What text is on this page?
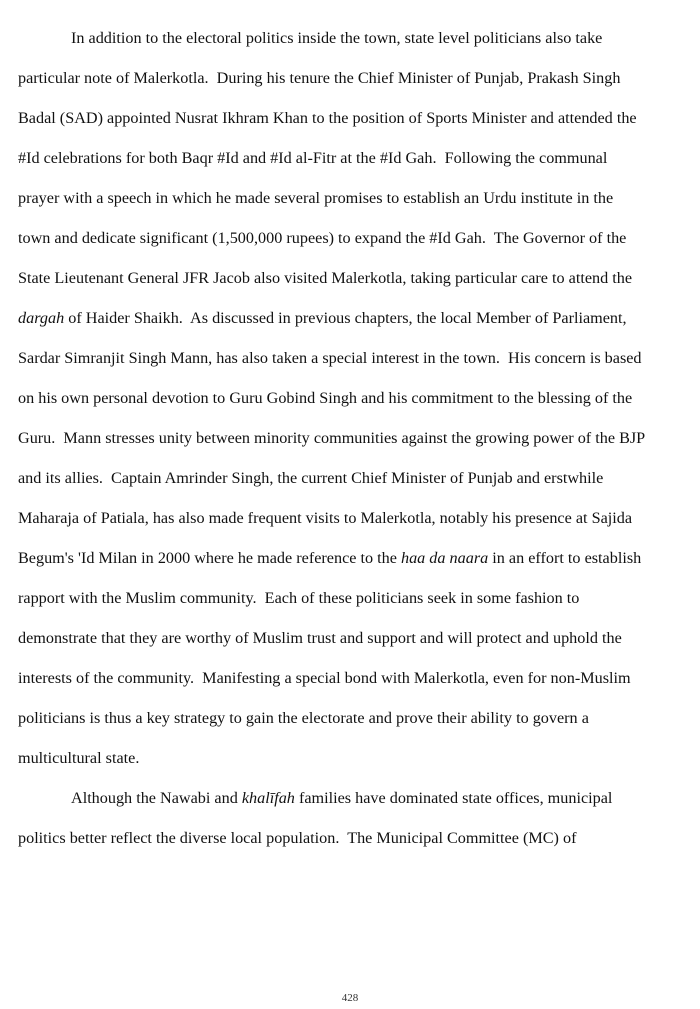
In addition to the electoral politics inside the town, state level politicians also take
particular note of Malerkotla.  During his tenure the Chief Minister of Punjab, Prakash Singh
Badal (SAD) appointed Nusrat Ikhram Khan to the position of Sports Minister and attended the
#Id celebrations for both Baqr #Id and #Id al-Fitr at the #Id Gah.  Following the communal
prayer with a speech in which he made several promises to establish an Urdu institute in the
town and dedicate significant (1,500,000 rupees) to expand the #Id Gah.  The Governor of the
State Lieutenant General JFR Jacob also visited Malerkotla, taking particular care to attend the
dargah of Haider Shaikh.  As discussed in previous chapters, the local Member of Parliament,
Sardar Simranjit Singh Mann, has also taken a special interest in the town.  His concern is based
on his own personal devotion to Guru Gobind Singh and his commitment to the blessing of the
Guru.  Mann stresses unity between minority communities against the growing power of the BJP
and its allies.  Captain Amrinder Singh, the current Chief Minister of Punjab and erstwhile
Maharaja of Patiala, has also made frequent visits to Malerkotla, notably his presence at Sajida
Begum's 'Id Milan in 2000 where he made reference to the haa da naara in an effort to establish
rapport with the Muslim community.  Each of these politicians seek in some fashion to
demonstrate that they are worthy of Muslim trust and support and will protect and uphold the
interests of the community.  Manifesting a special bond with Malerkotla, even for non-Muslim
politicians is thus a key strategy to gain the electorate and prove their ability to govern a
multicultural state.
Although the Nawabi and khalīfah families have dominated state offices, municipal
politics better reflect the diverse local population.  The Municipal Committee (MC) of
428
